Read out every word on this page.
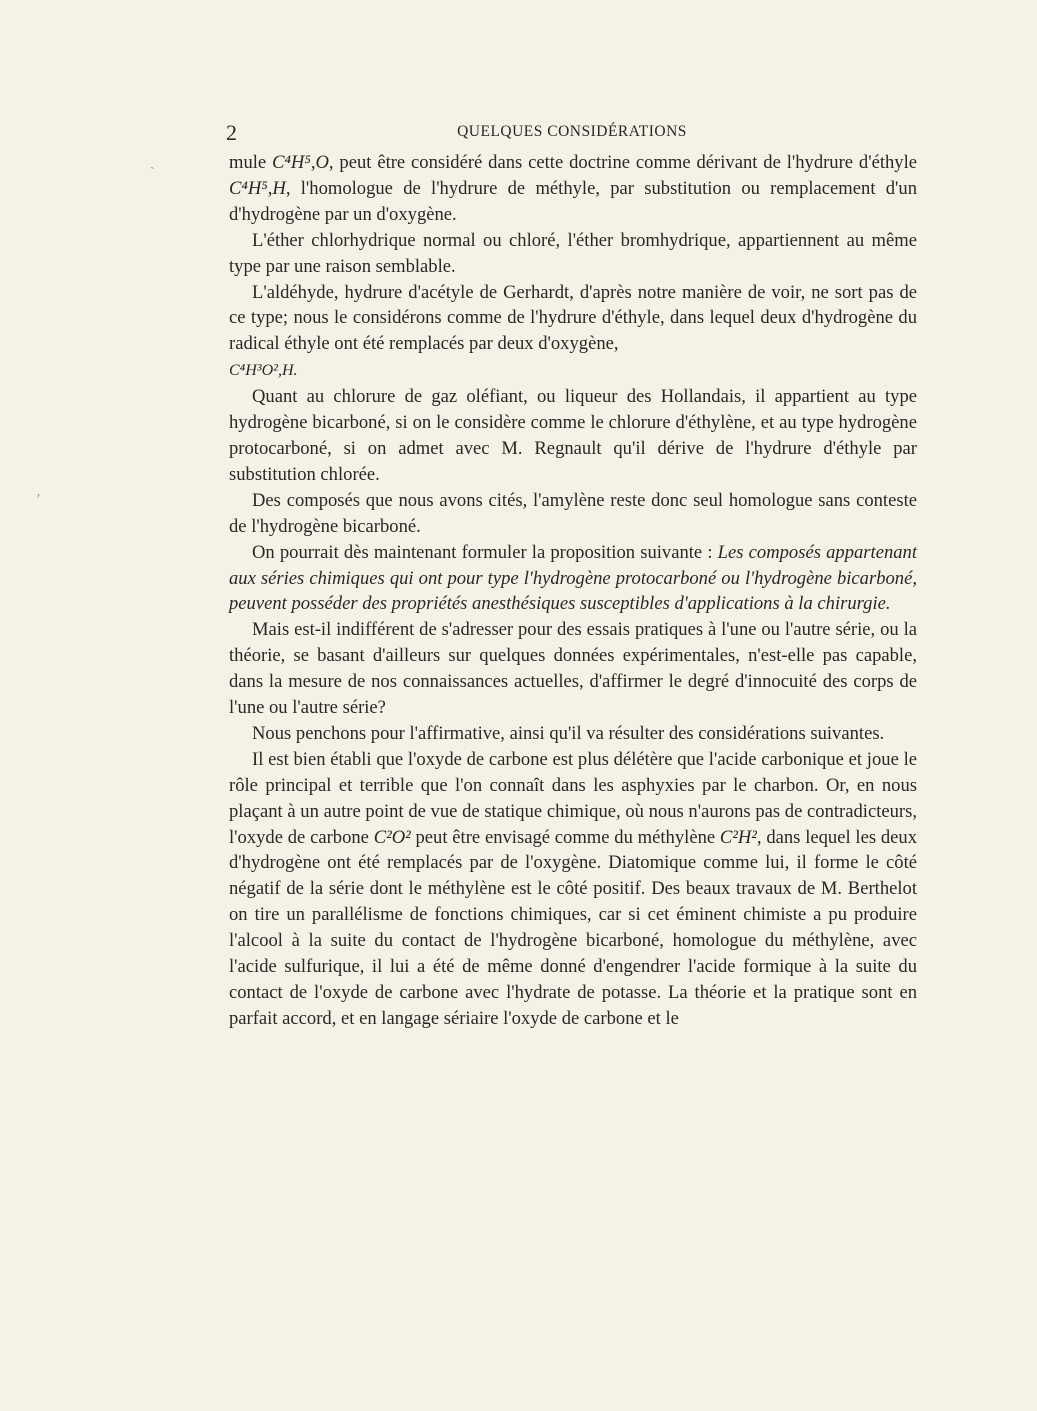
2	QUELQUES CONSIDÉRATIONS
ˎ
ʼ

mule C⁴H⁵,O, peut être considéré dans cette doctrine comme dérivant de l'hydrure d'éthyle C⁴H⁵,H, l'homologue de l'hydrure de méthyle, par substitution ou remplacement d'un d'hydrogène par un d'oxygène.

L'éther chlorhydrique normal ou chloré, l'éther bromhydrique, appartiennent au même type par une raison semblable.

L'aldéhyde, hydrure d'acétyle de Gerhardt, d'après notre manière de voir, ne sort pas de ce type; nous le considérons comme de l'hydrure d'éthyle, dans lequel deux d'hydrogène du radical éthyle ont été remplacés par deux d'oxygène,
C⁴H³O²,H.

Quant au chlorure de gaz oléfiant, ou liqueur des Hollandais, il appartient au type hydrogène bicarboné, si on le considère comme le chlorure d'éthylène, et au type hydrogène protocarboné, si on admet avec M. Regnault qu'il dérive de l'hydrure d'éthyle par substitution chlorée.

Des composés que nous avons cités, l'amylène reste donc seul homologue sans conteste de l'hydrogène bicarboné.

On pourrait dès maintenant formuler la proposition suivante : Les composés appartenant aux séries chimiques qui ont pour type l'hydrogène protocarboné ou l'hydrogène bicarboné, peuvent posséder des propriétés anesthésiques susceptibles d'applications à la chirurgie.

Mais est-il indifférent de s'adresser pour des essais pratiques à l'une ou l'autre série, ou la théorie, se basant d'ailleurs sur quelques données expérimentales, n'est-elle pas capable, dans la mesure de nos connaissances actuelles, d'affirmer le degré d'innocuité des corps de l'une ou l'autre série?

Nous penchons pour l'affirmative, ainsi qu'il va résulter des considérations suivantes.

Il est bien établi que l'oxyde de carbone est plus délétère que l'acide carbonique et joue le rôle principal et terrible que l'on connaît dans les asphyxies par le charbon. Or, en nous plaçant à un autre point de vue de statique chimique, où nous n'aurons pas de contradicteurs, l'oxyde de carbone C²O² peut être envisagé comme du méthylène C²H², dans lequel les deux d'hydrogène ont été remplacés par de l'oxygène. Diatomique comme lui, il forme le côté négatif de la série dont le méthylène est le côté positif. Des beaux travaux de M. Berthelot on tire un parallélisme de fonctions chimiques, car si cet éminent chimiste a pu produire l'alcool à la suite du contact de l'hydrogène bicarboné, homologue du méthylène, avec l'acide sulfurique, il lui a été de même donné d'engendrer l'acide formique à la suite du contact de l'oxyde de carbone avec l'hydrate de potasse. La théorie et la pratique sont en parfait accord, et en langage sériaire l'oxyde de carbone et le
